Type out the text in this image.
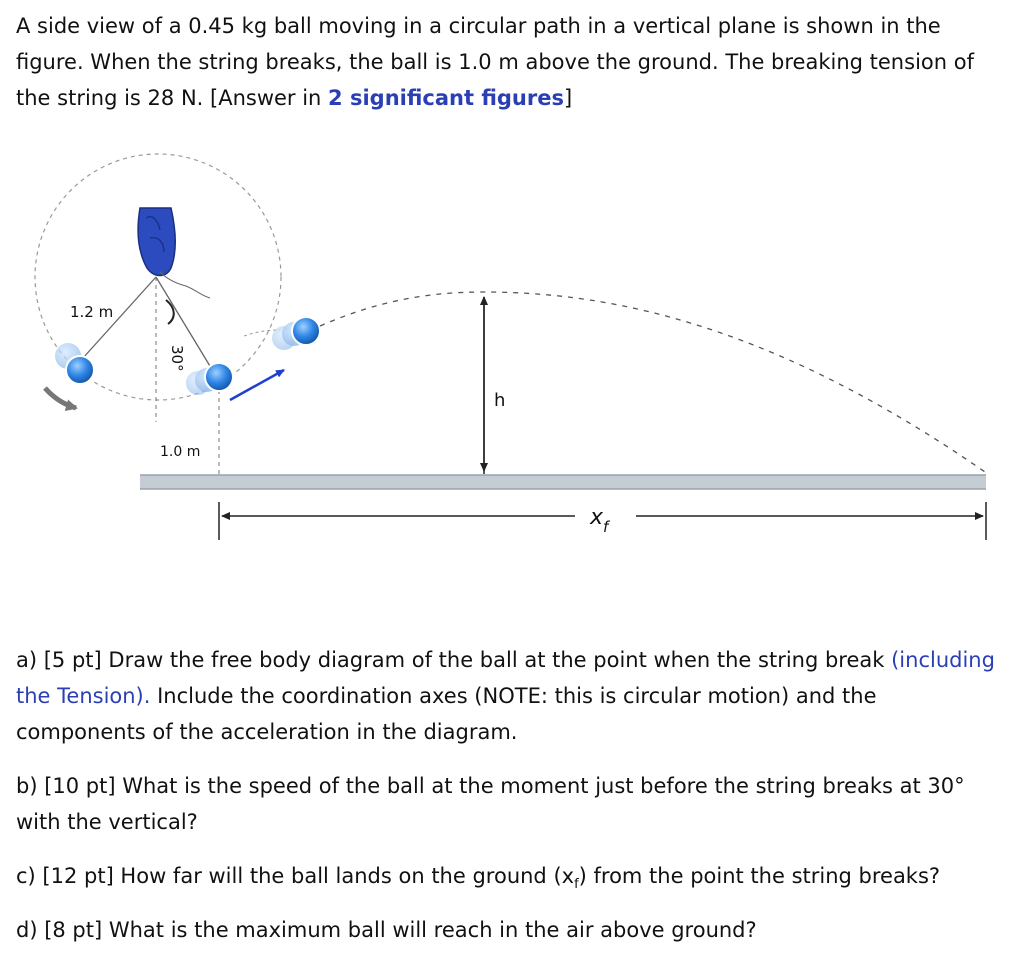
A side view of a 0.45 kg ball moving in a circular path in a vertical plane is shown in the figure. When the string breaks, the ball is 1.0 m above the ground. The breaking tension of the string is 28 N. [Answer in 2 significant figures]

1.2 m
30°
1.0 m
h
$x_f$

a) [5 pt] Draw the free body diagram of the ball at the point when the string break (including the Tension). Include the coordination axes (NOTE: this is circular motion) and the components of the acceleration in the diagram.

b) [10 pt] What is the speed of the ball at the moment just before the string breaks at 30° with the vertical?

c) [12 pt] How far will the ball lands on the ground $(x_f)$ from the point the string breaks?

d) [8 pt] What is the maximum ball will reach in the air above ground?
